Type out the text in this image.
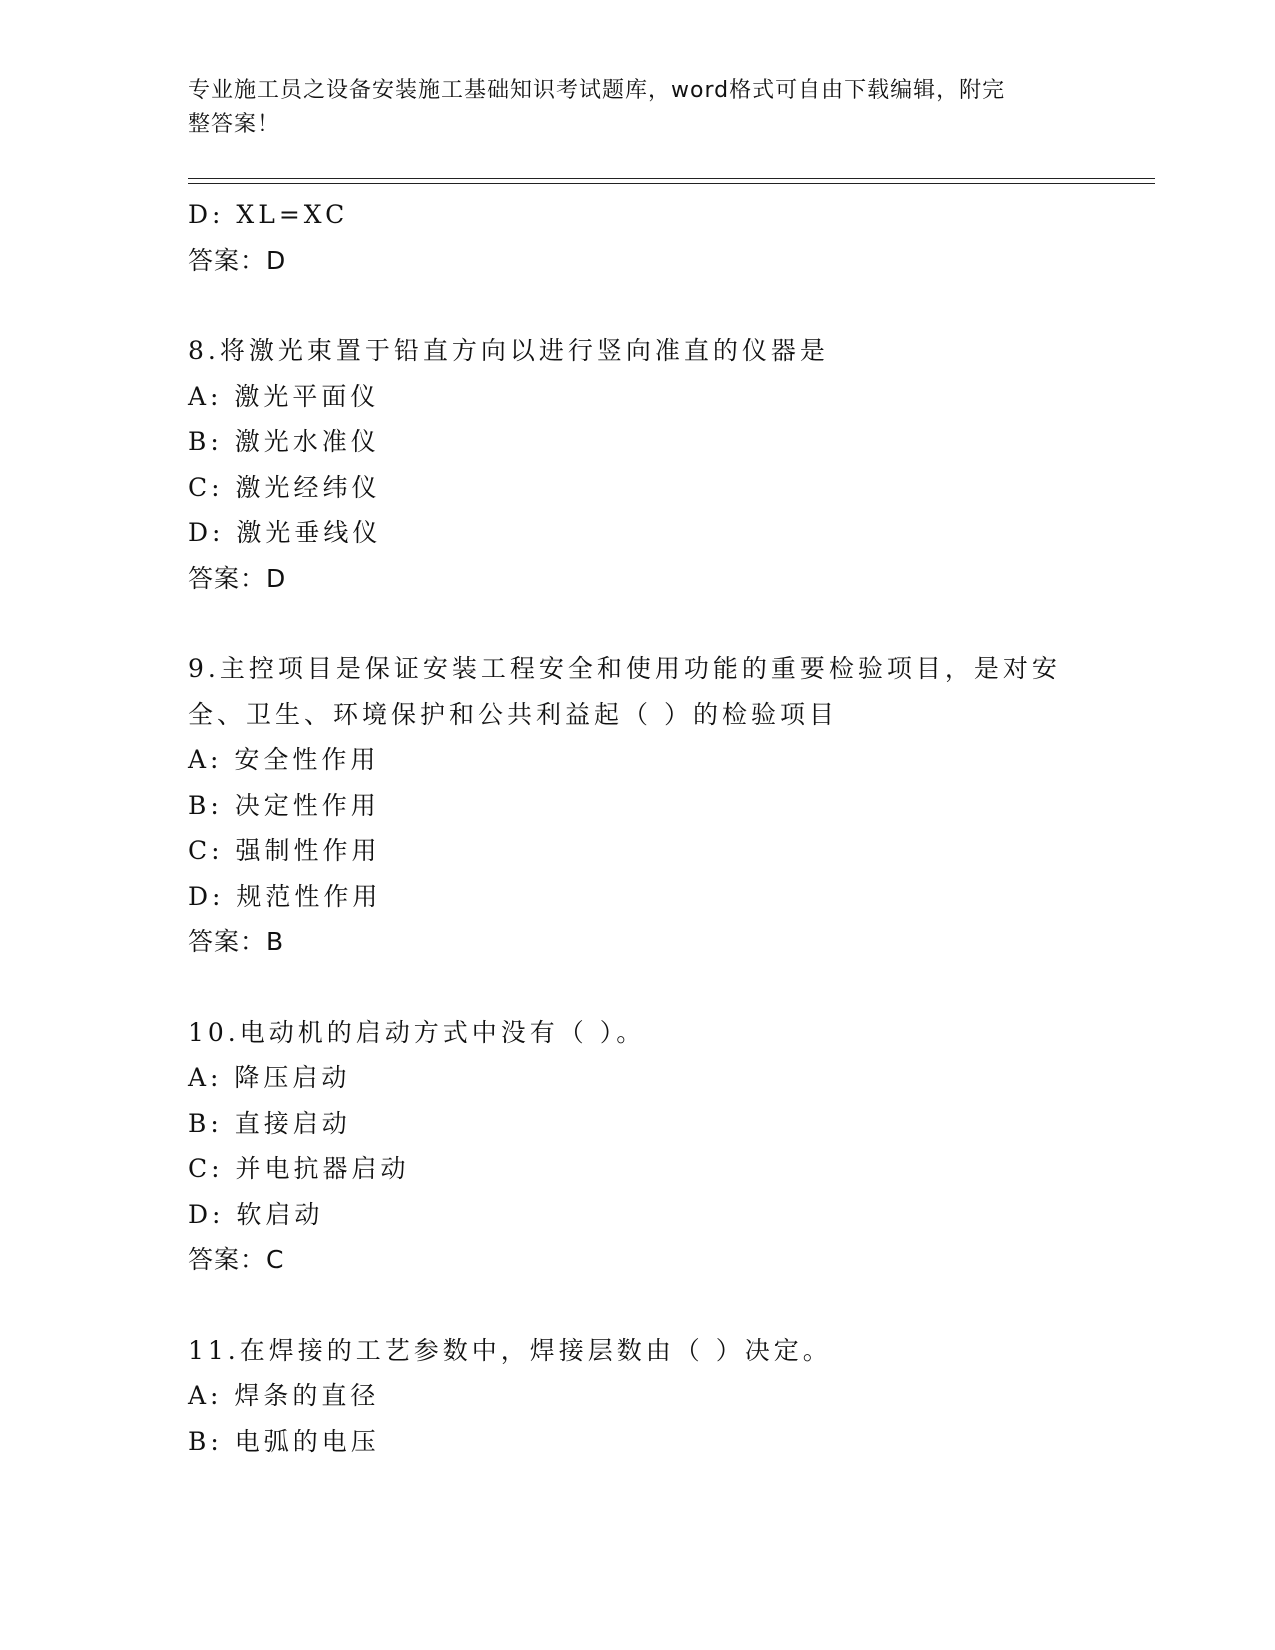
专业施工员之设备安装施工基础知识考试题库，word格式可自由下载编辑，附完
整答案！
D: XL=XC
答案：D
8.将激光束置于铅直方向以进行竖向准直的仪器是
A: 激光平面仪
B: 激光水准仪
C: 激光经纬仪
D: 激光垂线仪
答案：D
9.主控项目是保证安装工程安全和使用功能的重要检验项目，是对安
全、卫生、环境保护和公共利益起（ ）的检验项目
A: 安全性作用
B: 决定性作用
C: 强制性作用
D: 规范性作用
答案：B
10.电动机的启动方式中没有（ ）。
A: 降压启动
B: 直接启动
C: 并电抗器启动
D: 软启动
答案：C
11.在焊接的工艺参数中，焊接层数由（ ）决定。
A: 焊条的直径
B: 电弧的电压
